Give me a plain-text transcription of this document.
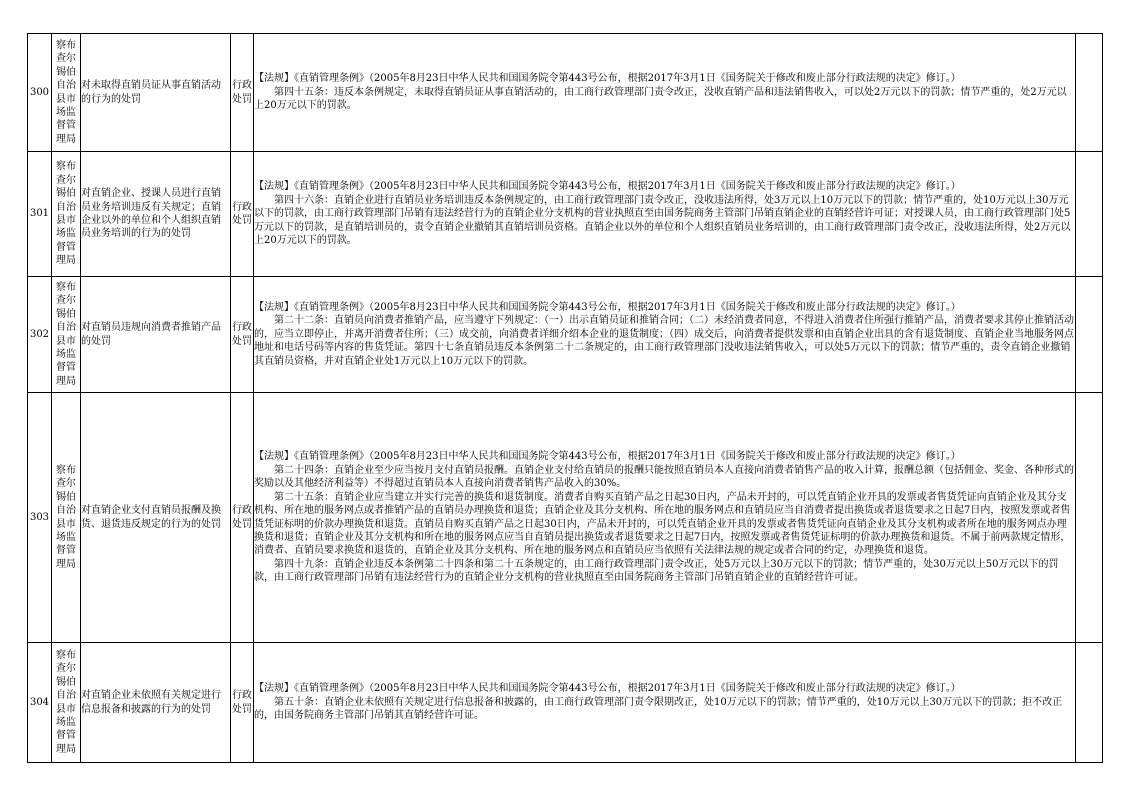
300	察布查尔锡伯自治县市场监督管理局	对未取得直销员证从事直销活动的行为的处罚	行政处罚	【法规】《直销管理条例》（2005年8月23日中华人民共和国国务院令第443号公布，根据2017年3月1日《国务院关于修改和废止部分行政法规的决定》修订。）

第四十五条：违反本条例规定，未取得直销员证从事直销活动的，由工商行政管理部门责令改正，没收直销产品和违法销售收入，可以处2万元以下的罚款；情节严重的，处2万元以上20万元以下的罚款。	

301	察布查尔锡伯自治县市场监督管理局	对直销企业、授课人员进行直销员业务培训违反有关规定；直销企业以外的单位和个人组织直销员业务培训的行为的处罚	行政处罚	【法规】《直销管理条例》（2005年8月23日中华人民共和国国务院令第443号公布，根据2017年3月1日《国务院关于修改和废止部分行政法规的决定》修订。）

第四十六条：直销企业进行直销员业务培训违反本条例规定的，由工商行政管理部门责令改正，没收违法所得，处3万元以上10万元以下的罚款；情节严重的，处10万元以上30万元以下的罚款，由工商行政管理部门吊销有违法经营行为的直销企业分支机构的营业执照直至由国务院商务主管部门吊销直销企业的直销经营许可证；对授课人员，由工商行政管理部门处5万元以下的罚款，是直销培训员的，责令直销企业撤销其直销培训员资格。直销企业以外的单位和个人组织直销员业务培训的，由工商行政管理部门责令改正，没收违法所得，处2万元以上20万元以下的罚款。	

302	察布查尔锡伯自治县市场监督管理局	对直销员违规向消费者推销产品的处罚	行政处罚	【法规】《直销管理条例》（2005年8月23日中华人民共和国国务院令第443号公布，根据2017年3月1日《国务院关于修改和废止部分行政法规的决定》修订。）

第二十二条：直销员向消费者推销产品，应当遵守下列规定：（一）出示直销员证和推销合同；（二）未经消费者同意，不得进入消费者住所强行推销产品，消费者要求其停止推销活动的，应当立即停止，并离开消费者住所；（三）成交前，向消费者详细介绍本企业的退货制度；（四）成交后，向消费者提供发票和由直销企业出具的含有退货制度、直销企业当地服务网点地址和电话号码等内容的售货凭证。第四十七条直销员违反本条例第二十二条规定的，由工商行政管理部门没收违法销售收入，可以处5万元以下的罚款；情节严重的，责令直销企业撤销其直销员资格，并对直销企业处1万元以上10万元以下的罚款。	

303	察布查尔锡伯自治县市场监督管理局	对直销企业支付直销员报酬及换货、退货违反规定的行为的处罚	行政处罚	【法规】《直销管理条例》（2005年8月23日中华人民共和国国务院令第443号公布，根据2017年3月1日《国务院关于修改和废止部分行政法规的决定》修订。）

第二十四条：直销企业至少应当按月支付直销员报酬。直销企业支付给直销员的报酬只能按照直销员本人直接向消费者销售产品的收入计算，报酬总额（包括佣金、奖金、各种形式的奖励以及其他经济利益等）不得超过直销员本人直接向消费者销售产品收入的30%。

第二十五条：直销企业应当建立并实行完善的换货和退货制度。消费者自购买直销产品之日起30日内，产品未开封的，可以凭直销企业开具的发票或者售货凭证向直销企业及其分支机构、所在地的服务网点或者推销产品的直销员办理换货和退货；直销企业及其分支机构、所在地的服务网点和直销员应当自消费者提出换货或者退货要求之日起7日内，按照发票或者售货凭证标明的价款办理换货和退货。直销员自购买直销产品之日起30日内，产品未开封的，可以凭直销企业开具的发票或者售货凭证向直销企业及其分支机构或者所在地的服务网点办理换货和退货；直销企业及其分支机构和所在地的服务网点应当自直销员提出换货或者退货要求之日起7日内，按照发票或者售货凭证标明的价款办理换货和退货。不属于前两款规定情形，消费者、直销员要求换货和退货的，直销企业及其分支机构、所在地的服务网点和直销员应当依照有关法律法规的规定或者合同的约定，办理换货和退货。

第四十九条：直销企业违反本条例第二十四条和第二十五条规定的，由工商行政管理部门责令改正，处5万元以上30万元以下的罚款；情节严重的，处30万元以上50万元以下的罚款，由工商行政管理部门吊销有违法经营行为的直销企业分支机构的营业执照直至由国务院商务主管部门吊销直销企业的直销经营许可证。	

304	察布查尔锡伯自治县市场监督管理局	对直销企业未依照有关规定进行信息报备和披露的行为的处罚	行政处罚	【法规】《直销管理条例》（2005年8月23日中华人民共和国国务院令第443号公布，根据2017年3月1日《国务院关于修改和废止部分行政法规的决定》修订。）

第五十条：直销企业未依照有关规定进行信息报备和披露的，由工商行政管理部门责令限期改正，处10万元以下的罚款；情节严重的，处10万元以上30万元以下的罚款；拒不改正的，由国务院商务主管部门吊销其直销经营许可证。	
